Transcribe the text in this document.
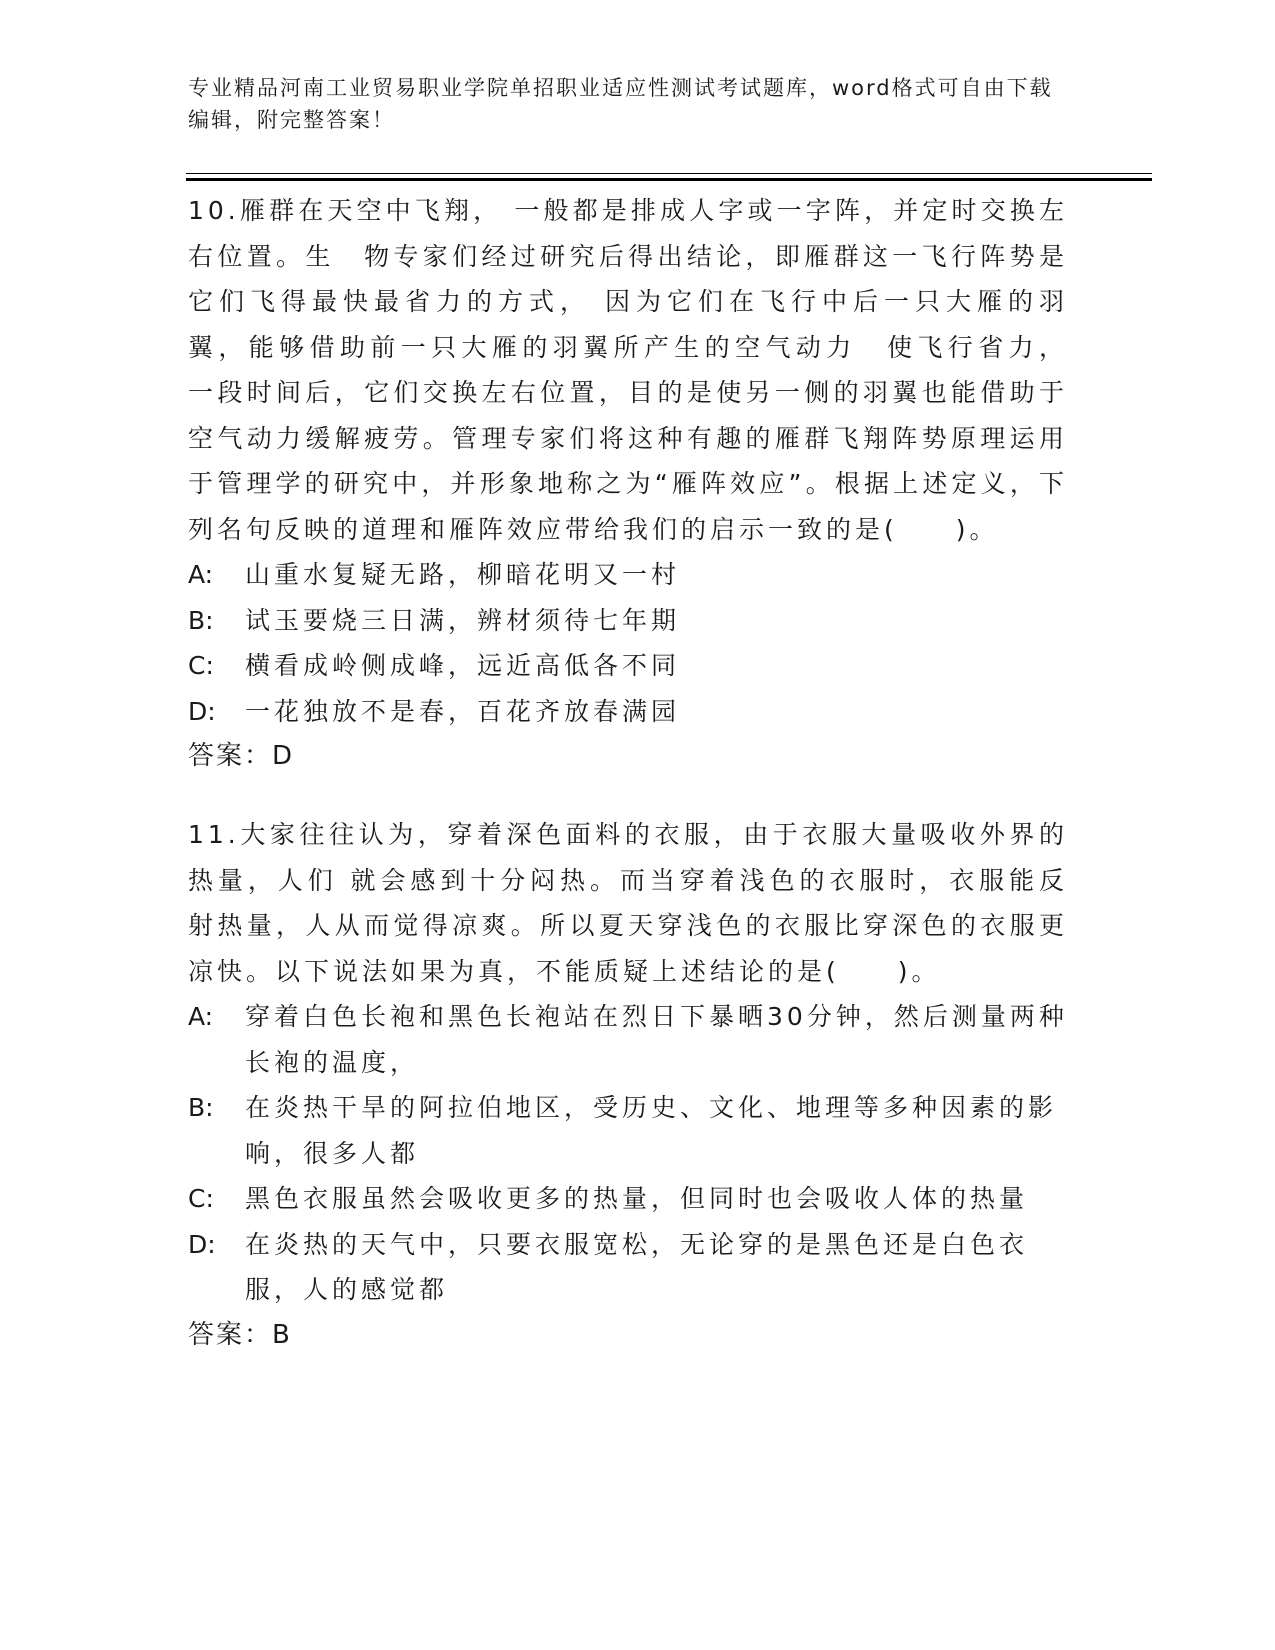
专业精品河南工业贸易职业学院单招职业适应性测试考试题库，word格式可自由下载编辑，附完整答案！

10.雁群在天空中飞翔， 一般都是排成人字或一字阵，并定时交换左右位置。生　物专家们经过研究后得出结论，即雁群这一飞行阵势是它们飞得最快最省力的方式， 因为它们在飞行中后一只大雁的羽翼，能够借助前一只大雁的羽翼所产生的空气动力　使飞行省力， 一段时间后，它们交换左右位置，目的是使另一侧的羽翼也能借助于空气动力缓解疲劳。管理专家们将这种有趣的雁群飞翔阵势原理运用于管理学的研究中，并形象地称之为“雁阵效应”。根据上述定义，下列名句反映的道理和雁阵效应带给我们的启示一致的是(　　)。

A:	山重水复疑无路，柳暗花明又一村

B:	试玉要烧三日满，辨材须待七年期

C:	横看成岭侧成峰，远近高低各不同

D:	一花独放不是春，百花齐放春满园

答案：D

11.大家往往认为，穿着深色面料的衣服，由于衣服大量吸收外界的热量，人们 就会感到十分闷热。而当穿着浅色的衣服时，衣服能反射热量，人从而觉得凉爽。所以夏天穿浅色的衣服比穿深色的衣服更凉快。以下说法如果为真，不能质疑上述结论的是(　　)。

A:	穿着白色长袍和黑色长袍站在烈日下暴晒30分钟，然后测量两种长袍的温度，

B:	在炎热干旱的阿拉伯地区，受历史、文化、地理等多种因素的影响，很多人都

C:	黑色衣服虽然会吸收更多的热量，但同时也会吸收人体的热量

D:	在炎热的天气中，只要衣服宽松，无论穿的是黑色还是白色衣服，人的感觉都

答案：B
